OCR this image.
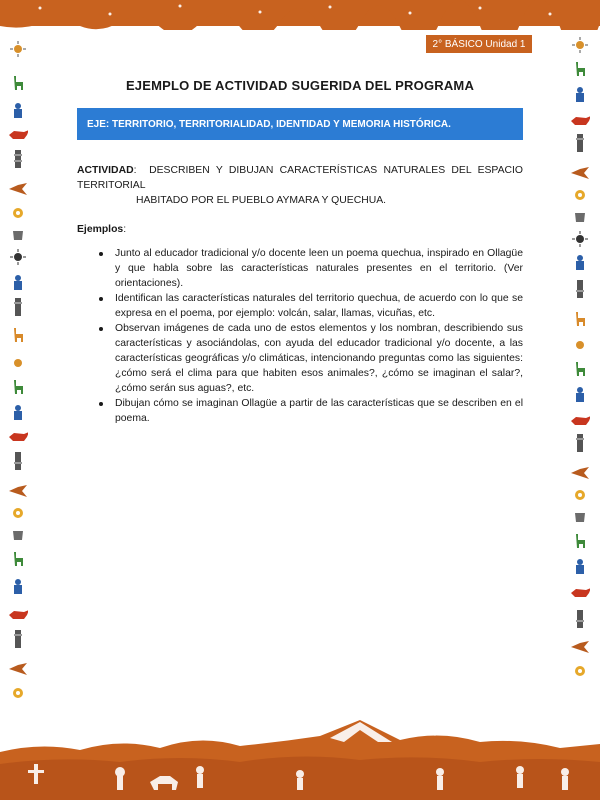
2° BÁSICO Unidad 1
EJEMPLO DE ACTIVIDAD SUGERIDA DEL PROGRAMA
EJE: TERRITORIO, TERRITORIALIDAD, IDENTIDAD Y MEMORIA HISTÓRICA.
ACTIVIDAD:  DESCRIBEN Y DIBUJAN CARACTERÍSTICAS NATURALES DEL ESPACIO TERRITORIAL
HABITADO POR EL PUEBLO AYMARA Y QUECHUA.
Ejemplos:
Junto al educador tradicional y/o docente leen un poema quechua, inspirado en Ollagüe y que habla sobre las características naturales presentes en el territorio. (Ver orientaciones).
Identifican las características naturales del territorio quechua, de acuerdo con lo que se expresa en el poema, por ejemplo: volcán, salar, llamas, vicuñas, etc.
Observan imágenes de cada uno de estos elementos y los nombran, describiendo sus características y asociándolas, con ayuda del educador tradicional y/o docente, a las características geográficas y/o climáticas, intencionando preguntas como las siguientes: ¿cómo será el clima para que habiten esos animales?, ¿cómo se imaginan el salar?, ¿cómo serán sus aguas?, etc.
Dibujan cómo se imaginan Ollagüe a partir de las características que se describen en el poema.
